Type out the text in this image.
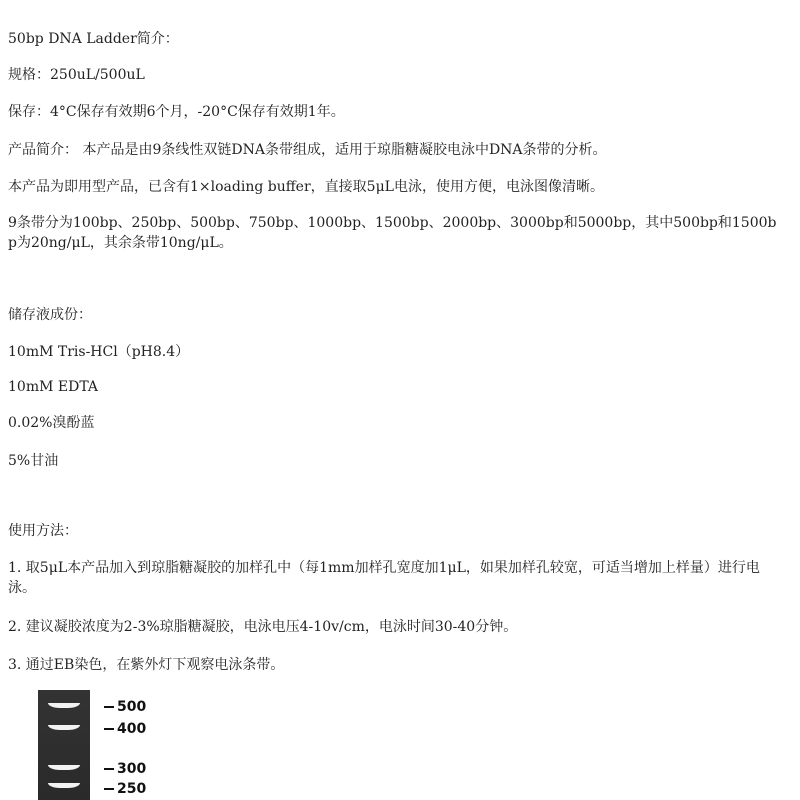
50bp DNA Ladder简介：

规格：250uL/500uL

保存：4°C保存有效期6个月，-20°C保存有效期1年。

产品简介： 本产品是由9条线性双链DNA条带组成，适用于琼脂糖凝胶电泳中DNA条带的分析。

本产品为即用型产品，已含有1×loading buffer，直接取5μL电泳，使用方便，电泳图像清晰。

9条带分为100bp、250bp、500bp、750bp、1000bp、1500bp、2000bp、3000bp和5000bp，其中500bp和1500bp为20ng/μL，其余条带10ng/μL。

储存液成份：

10mM Tris-HCl（pH8.4）

10mM EDTA

0.02%溴酚蓝

5%甘油

使用方法：

1. 取5μL本产品加入到琼脂糖凝胶的加样孔中（每1mm加样孔宽度加1μL，如果加样孔较宽，可适当增加上样量）进行电泳。

2. 建议凝胶浓度为2-3%琼脂糖凝胶，电泳电压4-10v/cm，电泳时间30-40分钟。

3. 通过EB染色，在紫外灯下观察电泳条带。

500
400
300
250
